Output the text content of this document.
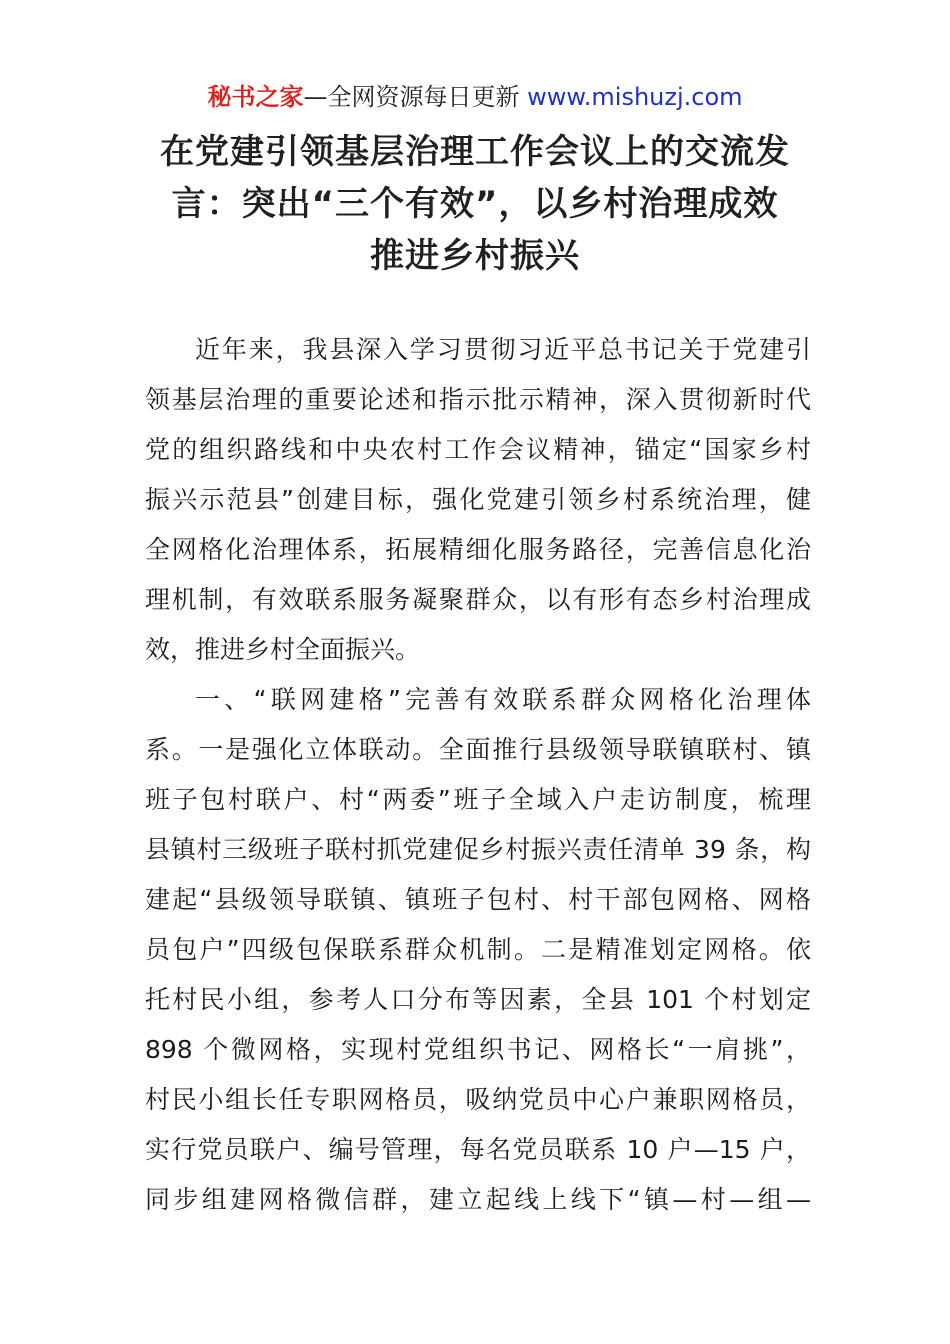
秘书之家—全网资源每日更新 www.mishuzj.com
在党建引领基层治理工作会议上的交流发
言：突出“三个有效”，以乡村治理成效
推进乡村振兴
近年来，我县深入学习贯彻习近平总书记关于党建引
领基层治理的重要论述和指示批示精神，深入贯彻新时代
党的组织路线和中央农村工作会议精神，锚定“国家乡村
振兴示范县”创建目标，强化党建引领乡村系统治理，健
全网格化治理体系，拓展精细化服务路径，完善信息化治
理机制，有效联系服务凝聚群众，以有形有态乡村治理成
效，推进乡村全面振兴。
一、“联网建格”完善有效联系群众网格化治理体
系。一是强化立体联动。全面推行县级领导联镇联村、镇
班子包村联户、村“两委”班子全域入户走访制度，梳理
县镇村三级班子联村抓党建促乡村振兴责任清单 39 条，构
建起“县级领导联镇、镇班子包村、村干部包网格、网格
员包户”四级包保联系群众机制。二是精准划定网格。依
托村民小组，参考人口分布等因素，全县 101 个村划定
898 个微网格，实现村党组织书记、网格长“一肩挑”，
村民小组长任专职网格员，吸纳党员中心户兼职网格员，
实行党员联户、编号管理，每名党员联系 10 户—15 户，
同步组建网格微信群，建立起线上线下“镇—村—组—
